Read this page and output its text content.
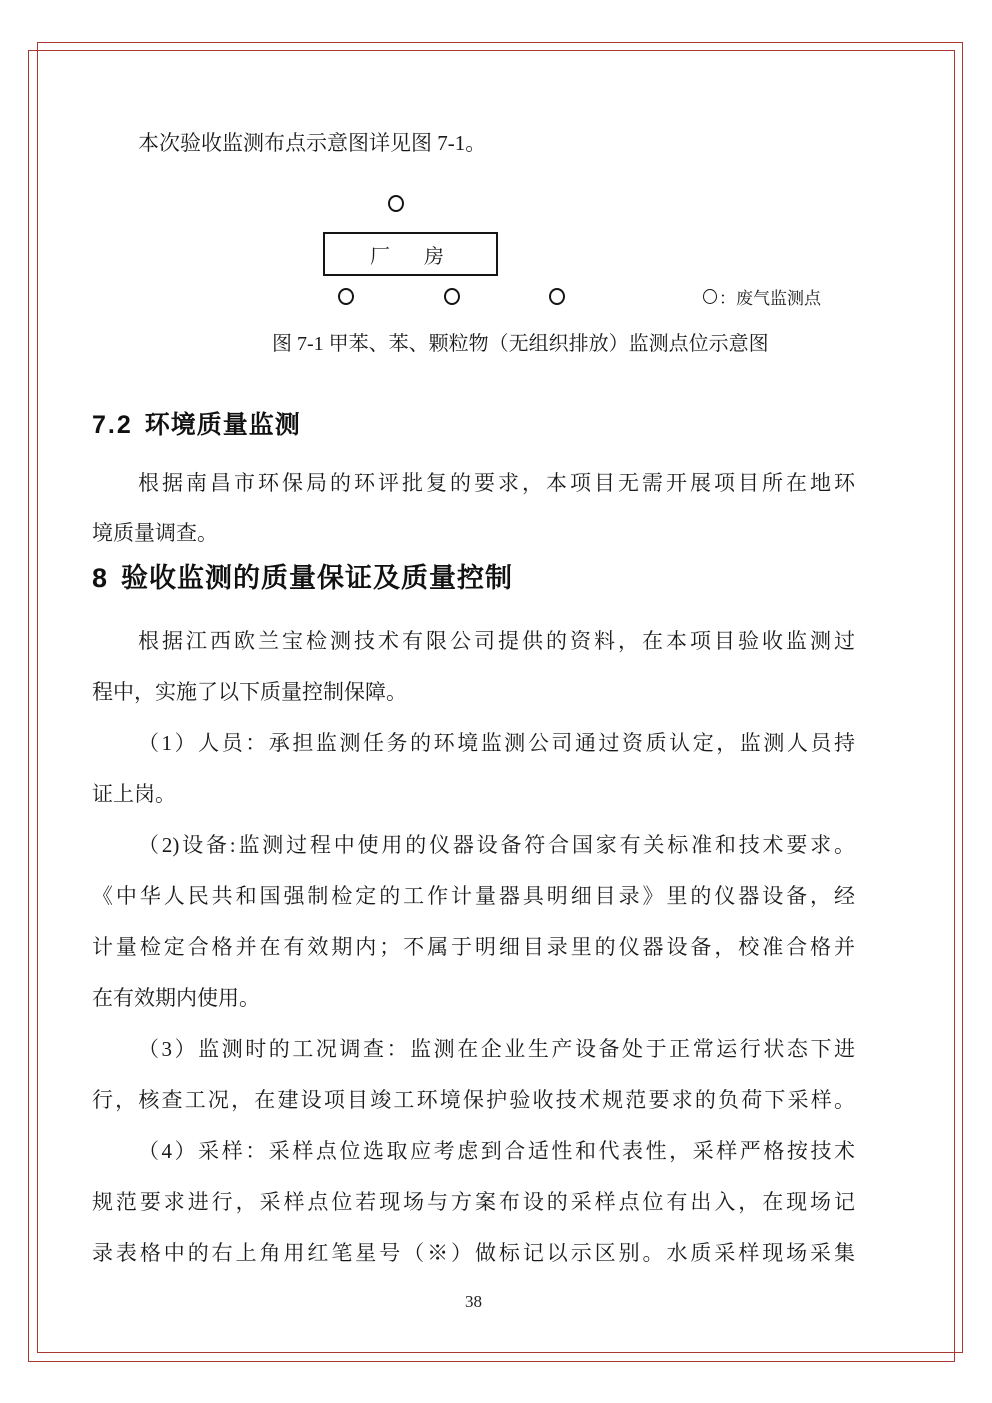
本次验收监测布点示意图详见图 7-1。
厂　房
：废气监测点
图 7-1 甲苯、苯、颗粒物（无组织排放）监测点位示意图
7.2 环境质量监测
根据南昌市环保局的环评批复的要求，本项目无需开展项目所在地环
境质量调查。
8 验收监测的质量保证及质量控制
根据江西欧兰宝检测技术有限公司提供的资料，在本项目验收监测过
程中，实施了以下质量控制保障。
（1）人员：承担监测任务的环境监测公司通过资质认定，监测人员持
证上岗。
（2)设备:监测过程中使用的仪器设备符合国家有关标准和技术要求。
《中华人民共和国强制检定的工作计量器具明细目录》里的仪器设备，经
计量检定合格并在有效期内；不属于明细目录里的仪器设备，校准合格并
在有效期内使用。
（3）监测时的工况调查：监测在企业生产设备处于正常运行状态下进
行，核查工况，在建设项目竣工环境保护验收技术规范要求的负荷下采样。
（4）采样：采样点位选取应考虑到合适性和代表性，采样严格按技术
规范要求进行，采样点位若现场与方案布设的采样点位有出入，在现场记
录表格中的右上角用红笔星号（※）做标记以示区别。水质采样现场采集
38
